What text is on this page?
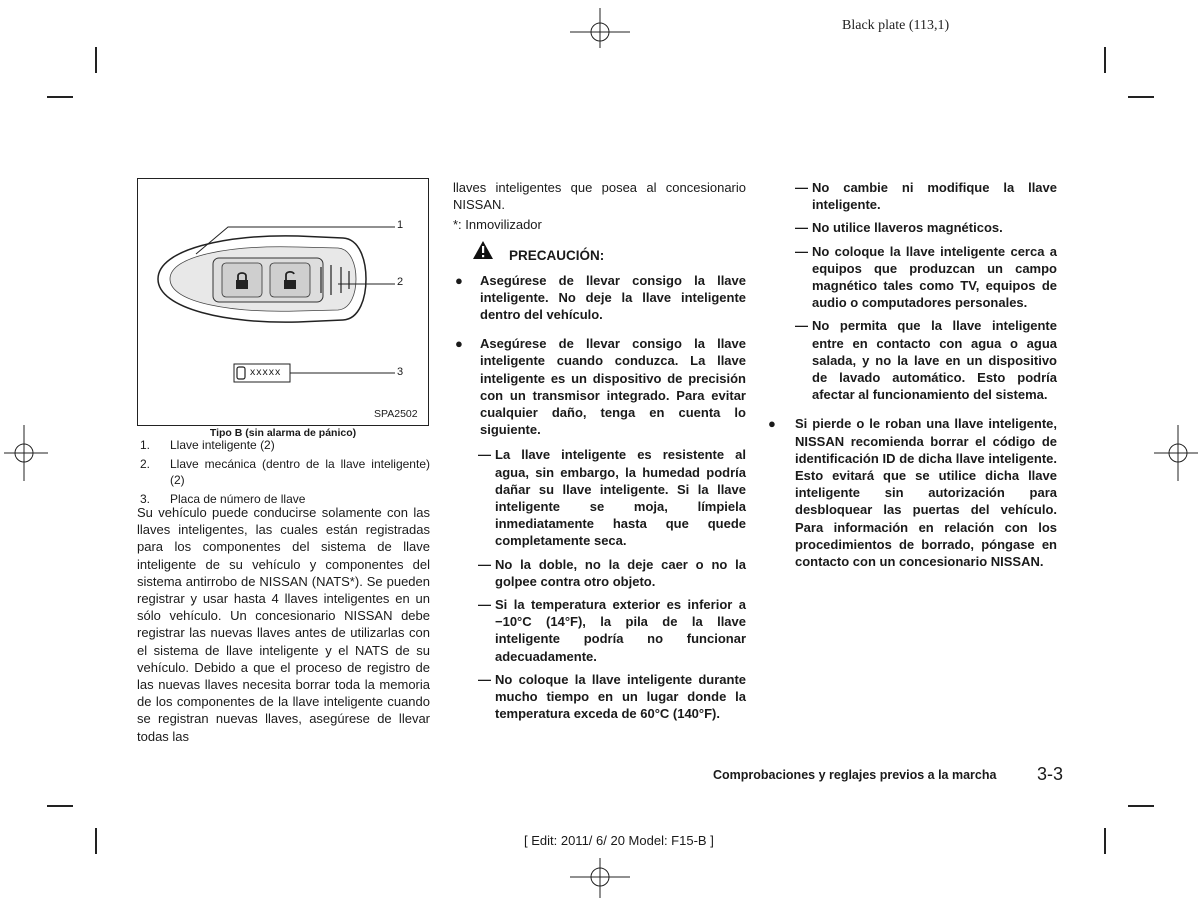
Black plate (113,1)
1
2
3
xxxxx
SPA2502
Tipo B (sin alarma de pánico)
1.	Llave inteligente (2)
2.	Llave mecánica (dentro de la llave inteligente) (2)
3.	Placa de número de llave
Su vehículo puede conducirse solamente con las llaves inteligentes, las cuales están registradas para los componentes del sistema de llave inteligente de su vehículo y componentes del sistema antirrobo de NISSAN (NATS*). Se pueden registrar y usar hasta 4 llaves inteligentes en un sólo vehículo. Un concesionario NISSAN debe registrar las nuevas llaves antes de utilizarlas con el sistema de llave inteligente y el NATS de su vehículo. Debido a que el proceso de registro de las nuevas llaves necesita borrar toda la memoria de los componentes de la llave inteligente cuando se registran nuevas llaves, asegúrese de llevar todas las
llaves inteligentes que posea al concesionario NISSAN.
*: Inmovilizador
PRECAUCIÓN:
●	Asegúrese de llevar consigo la llave inteligente. No deje la llave inteligente dentro del vehículo.
●	Asegúrese de llevar consigo la llave inteligente cuando conduzca. La llave inteligente es un dispositivo de precisión con un transmisor integrado. Para evitar cualquier daño, tenga en cuenta lo siguiente.
— La llave inteligente es resistente al agua, sin embargo, la humedad podría dañar su llave inteligente. Si la llave inteligente se moja, límpiela inmediatamente hasta que quede completamente seca.
— No la doble, no la deje caer o no la golpee contra otro objeto.
— Si la temperatura exterior es inferior a −10°C (14°F), la pila de la llave inteligente podría no funcionar adecuadamente.
— No coloque la llave inteligente durante mucho tiempo en un lugar donde la temperatura exceda de 60°C (140°F).
— No cambie ni modifique la llave inteligente.
— No utilice llaveros magnéticos.
— No coloque la llave inteligente cerca a equipos que produzcan un campo magnético tales como TV, equipos de audio o computadores personales.
— No permita que la llave inteligente entre en contacto con agua o agua salada, y no la lave en un dispositivo de lavado automático. Esto podría afectar al funcionamiento del sistema.
●	Si pierde o le roban una llave inteligente, NISSAN recomienda borrar el código de identificación ID de dicha llave inteligente. Esto evitará que se utilice dicha llave inteligente sin autorización para desbloquear las puertas del vehículo. Para información en relación con los procedimientos de borrado, póngase en contacto con un concesionario NISSAN.
Comprobaciones y reglajes previos a la marcha 3-3
[ Edit: 2011/ 6/ 20 Model: F15-B ]
